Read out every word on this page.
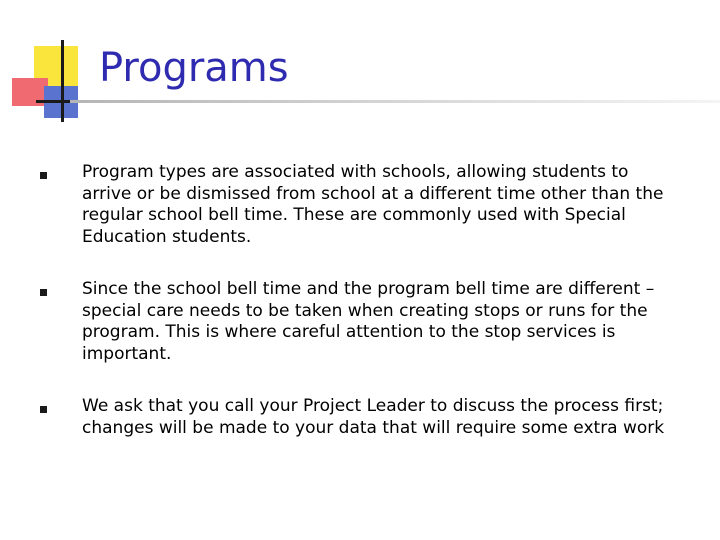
Programs

Program types are associated with schools, allowing students to arrive or be dismissed from school at a different time other than the regular school bell time. These are commonly used with Special Education students.

Since the school bell time and the program bell time are different – special care needs to be taken when creating stops or runs for the program. This is where careful attention to the stop services is important.

We ask that you call your Project Leader to discuss the process first; changes will be made to your data that will require some extra work
